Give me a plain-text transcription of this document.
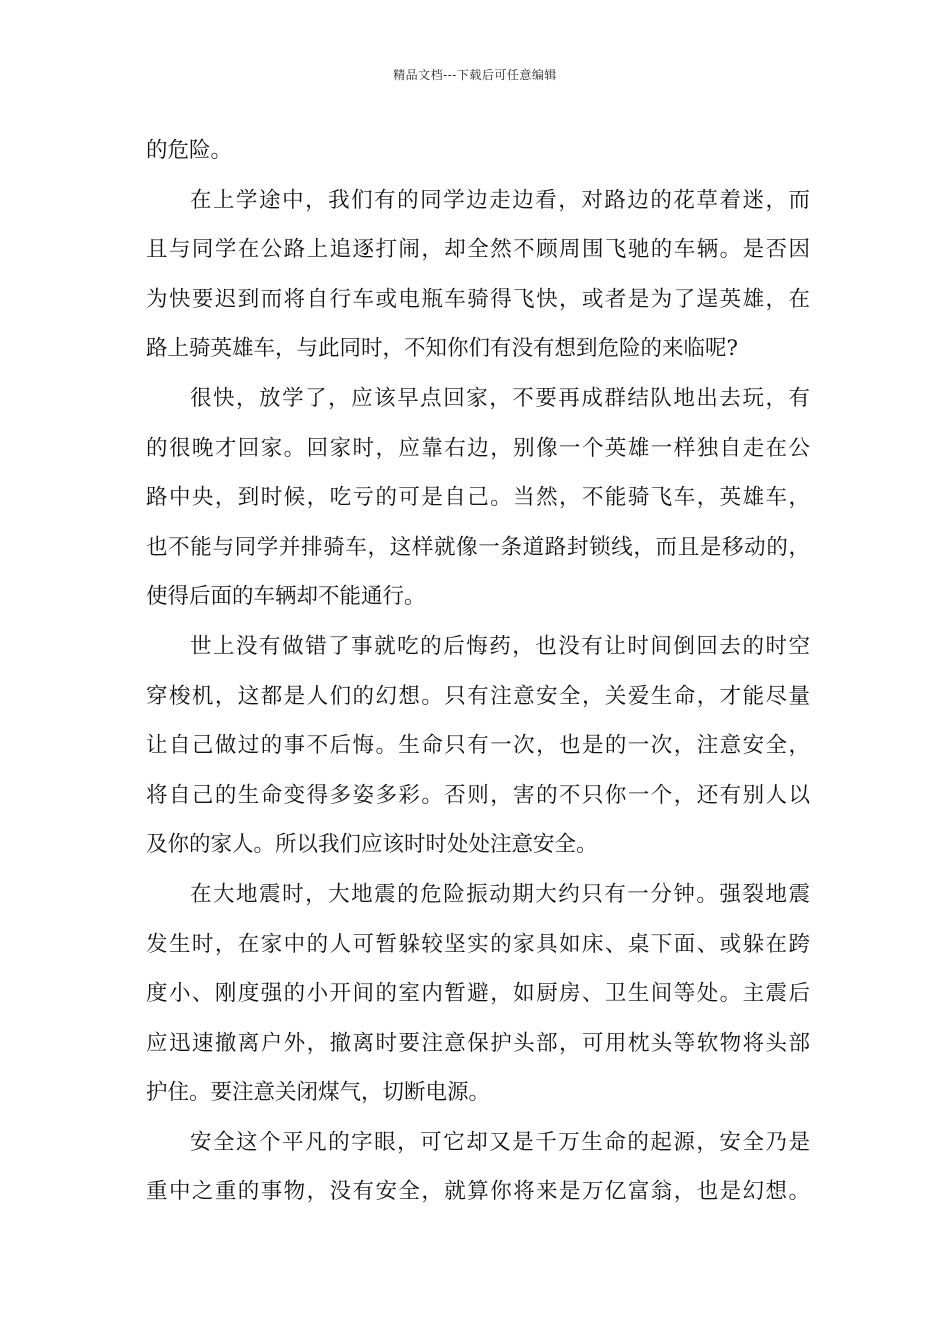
精品文档---下载后可任意编辑
的危险。
在上学途中，我们有的同学边走边看，对路边的花草着迷，而
且与同学在公路上追逐打闹，却全然不顾周围飞驰的车辆。是否因
为快要迟到而将自行车或电瓶车骑得飞快，或者是为了逞英雄，在
路上骑英雄车，与此同时，不知你们有没有想到危险的来临呢?
很快，放学了，应该早点回家，不要再成群结队地出去玩，有
的很晚才回家。回家时，应靠右边，别像一个英雄一样独自走在公
路中央，到时候，吃亏的可是自己。当然，不能骑飞车，英雄车，
也不能与同学并排骑车，这样就像一条道路封锁线，而且是移动的，
使得后面的车辆却不能通行。
世上没有做错了事就吃的后悔药，也没有让时间倒回去的时空
穿梭机，这都是人们的幻想。只有注意安全，关爱生命，才能尽量
让自己做过的事不后悔。生命只有一次，也是的一次，注意安全，
将自己的生命变得多姿多彩。否则，害的不只你一个，还有别人以
及你的家人。所以我们应该时时处处注意安全。
在大地震时，大地震的危险振动期大约只有一分钟。强裂地震
发生时，在家中的人可暂躲较坚实的家具如床、桌下面、或躲在跨
度小、刚度强的小开间的室内暂避，如厨房、卫生间等处。主震后
应迅速撤离户外，撤离时要注意保护头部，可用枕头等软物将头部
护住。要注意关闭煤气，切断电源。
安全这个平凡的字眼，可它却又是千万生命的起源，安全乃是
重中之重的事物，没有安全，就算你将来是万亿富翁，也是幻想。
